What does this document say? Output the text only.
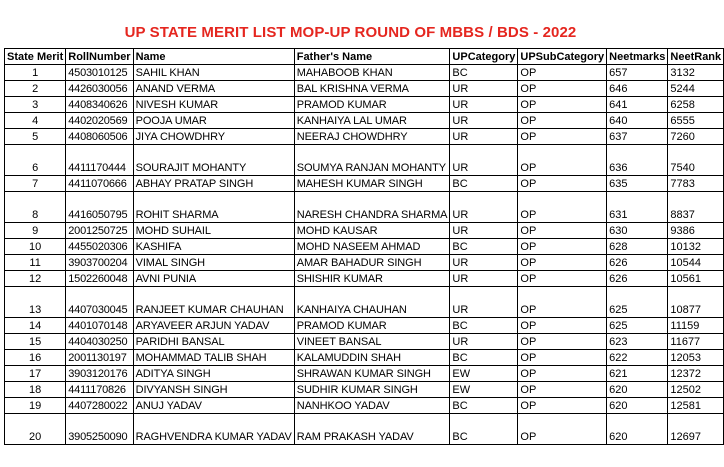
UP STATE MERIT LIST MOP-UP ROUND OF MBBS / BDS - 2022
State Merit	RollNumber	Name	Father's Name	UPCategory	UPSubCategory	Neetmarks	NeetRank
1	4503010125	SAHIL KHAN	MAHABOOB KHAN	BC	OP	657	3132
2	4426030056	ANAND VERMA	BAL KRISHNA VERMA	UR	OP	646	5244
3	4408340626	NIVESH KUMAR	PRAMOD KUMAR	UR	OP	641	6258
4	4402020569	POOJA UMAR	KANHAIYA LAL UMAR	UR	OP	640	6555
5	4408060506	JIYA CHOWDHRY	NEERAJ CHOWDHRY	UR	OP	637	7260
6	4411170444	SOURAJIT MOHANTY	SOUMYA RANJAN MOHANTY	UR	OP	636	7540
7	4411070666	ABHAY PRATAP SINGH	MAHESH KUMAR SINGH	BC	OP	635	7783
8	4416050795	ROHIT SHARMA	NARESH CHANDRA SHARMA	UR	OP	631	8837
9	2001250725	MOHD SUHAIL	MOHD KAUSAR	UR	OP	630	9386
10	4455020306	KASHIFA	MOHD NASEEM AHMAD	BC	OP	628	10132
11	3903700204	VIMAL SINGH	AMAR BAHADUR SINGH	UR	OP	626	10544
12	1502260048	AVNI PUNIA	SHISHIR KUMAR	UR	OP	626	10561
13	4407030045	RANJEET KUMAR CHAUHAN	KANHAIYA CHAUHAN	UR	OP	625	10877
14	4401070148	ARYAVEER ARJUN YADAV	PRAMOD KUMAR	BC	OP	625	11159
15	4404030250	PARIDHI BANSAL	VINEET BANSAL	UR	OP	623	11677
16	2001130197	MOHAMMAD TALIB SHAH	KALAMUDDIN SHAH	BC	OP	622	12053
17	3903120176	ADITYA SINGH	SHRAWAN KUMAR SINGH	EW	OP	621	12372
18	4411170826	DIVYANSH SINGH	SUDHIR KUMAR SINGH	EW	OP	620	12502
19	4407280022	ANUJ YADAV	NANHKOO YADAV	BC	OP	620	12581
20	3905250090	RAGHVENDRA KUMAR YADAV	RAM PRAKASH YADAV	BC	OP	620	12697
